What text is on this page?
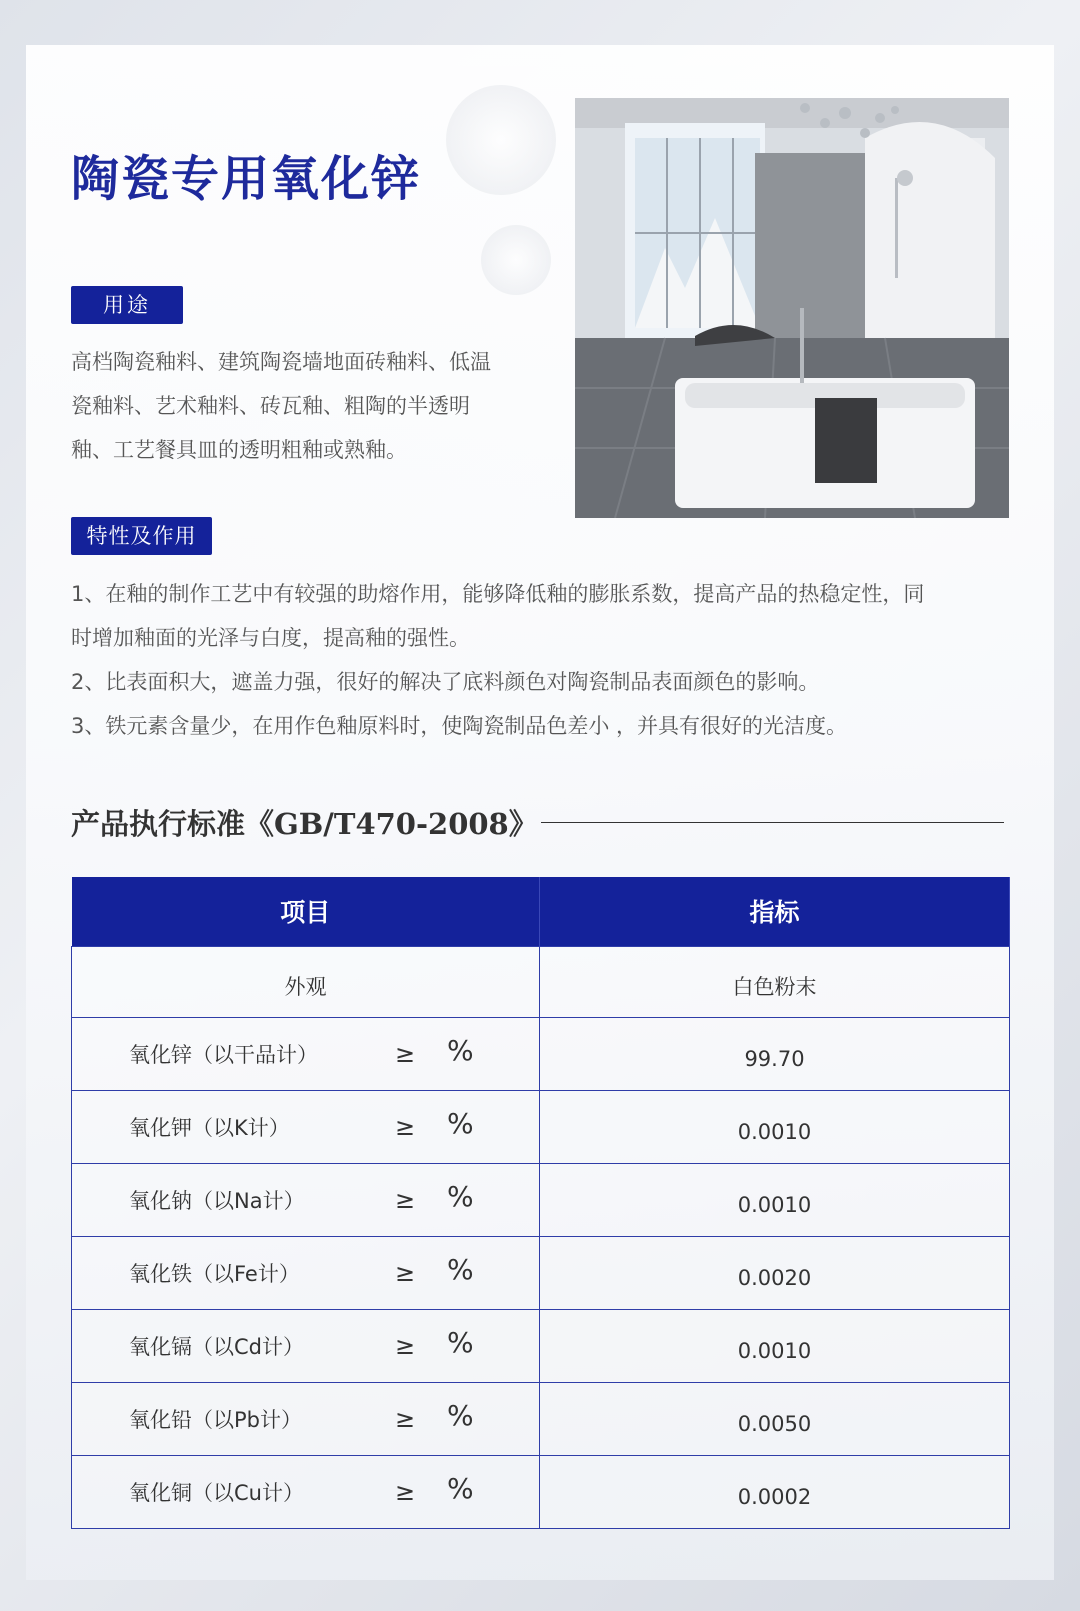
陶瓷专用氧化锌
用途
高档陶瓷釉料、建筑陶瓷墙地面砖釉料、低温
瓷釉料、艺术釉料、砖瓦釉、粗陶的半透明
釉、工艺餐具皿的透明粗釉或熟釉。
特性及作用
1、在釉的制作工艺中有较强的助熔作用，能够降低釉的膨胀系数，提高产品的热稳定性，同
时增加釉面的光泽与白度，提高釉的强性。
2、比表面积大，遮盖力强，很好的解决了底料颜色对陶瓷制品表面颜色的影响。
3、铁元素含量少，在用作色釉原料时，使陶瓷制品色差小 ，并具有很好的光洁度。
产品执行标准《GB/T470-2008》
项目	指标
外观	白色粉末

氧化锌（以干品计） ≥ %	99.70

氧化钾（以K计） ≥ %	0.0010

氧化钠（以Na计） ≥ %	0.0010

氧化铁（以Fe计） ≥ %	0.0020

氧化镉（以Cd计） ≥ %	0.0010

氧化铅（以Pb计） ≥ %	0.0050

氧化铜（以Cu计） ≥ %	0.0002
